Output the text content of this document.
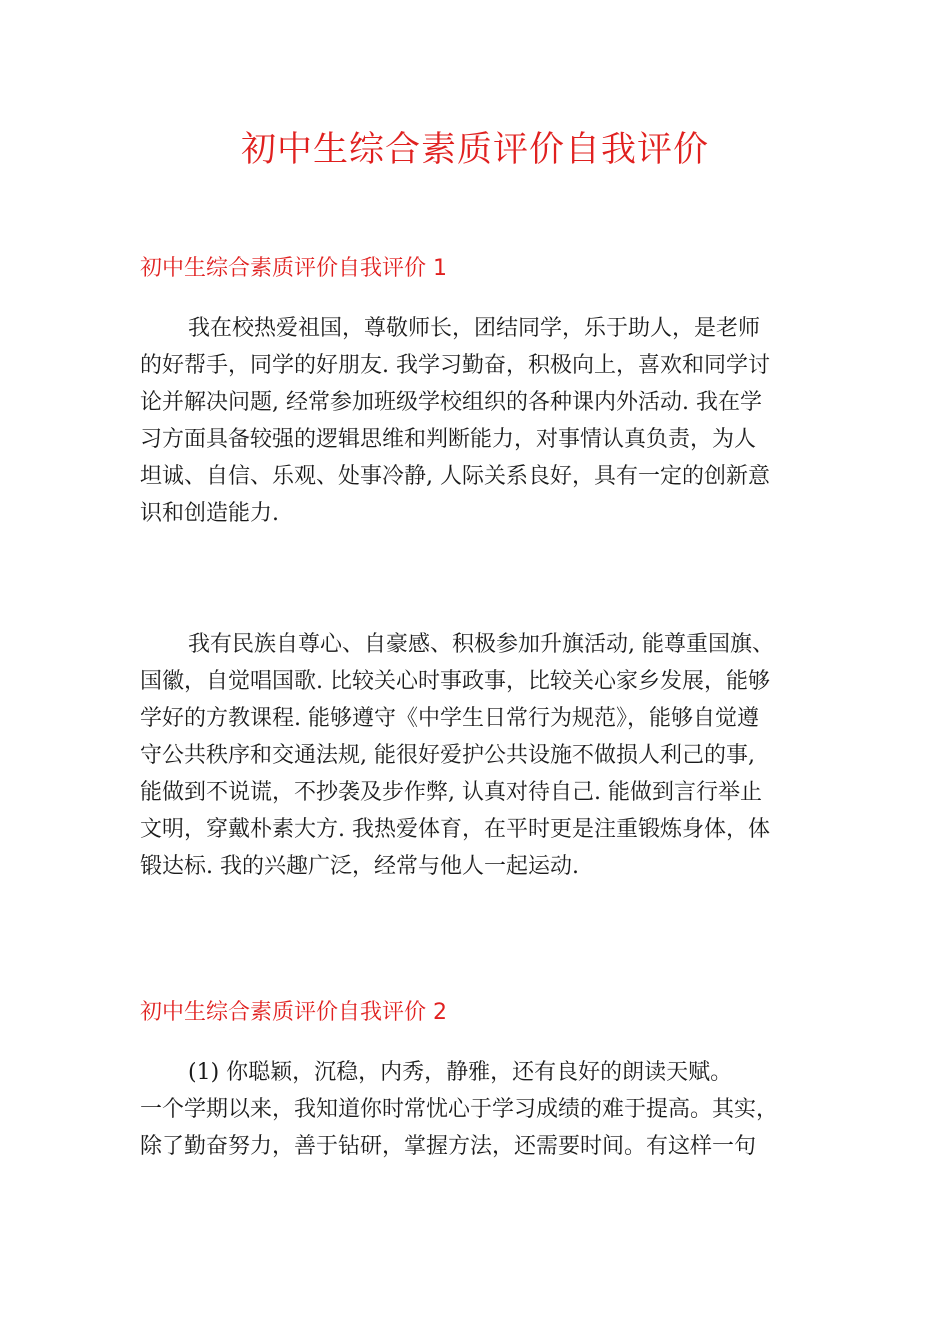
初中生综合素质评价自我评价
初中生综合素质评价自我评价 1

我在校热爱祖国，尊敬师长，团结同学，乐于助人，是老师
的好帮手，同学的好朋友. 我学习勤奋，积极向上，喜欢和同学讨
论并解决问题, 经常参加班级学校组织的各种课内外活动. 我在学
习方面具备较强的逻辑思维和判断能力，对事情认真负责，为人
坦诚、自信、乐观、处事冷静, 人际关系良好，具有一定的创新意
识和创造能力.

我有民族自尊心、自豪感、积极参加升旗活动, 能尊重国旗、
国徽，自觉唱国歌. 比较关心时事政事，比较关心家乡发展，能够
学好的方教课程. 能够遵守《中学生日常行为规范》，能够自觉遵
守公共秩序和交通法规, 能很好爱护公共设施不做损人利己的事,
能做到不说谎，不抄袭及步作弊, 认真对待自己. 能做到言行举止
文明，穿戴朴素大方. 我热爱体育，在平时更是注重锻炼身体，体
锻达标. 我的兴趣广泛，经常与他人一起运动.

初中生综合素质评价自我评价 2

(1) 你聪颖，沉稳，内秀，静雅，还有良好的朗读天赋。
一个学期以来，我知道你时常忧心于学习成绩的难于提高。其实，
除了勤奋努力，善于钻研，掌握方法，还需要时间。有这样一句
